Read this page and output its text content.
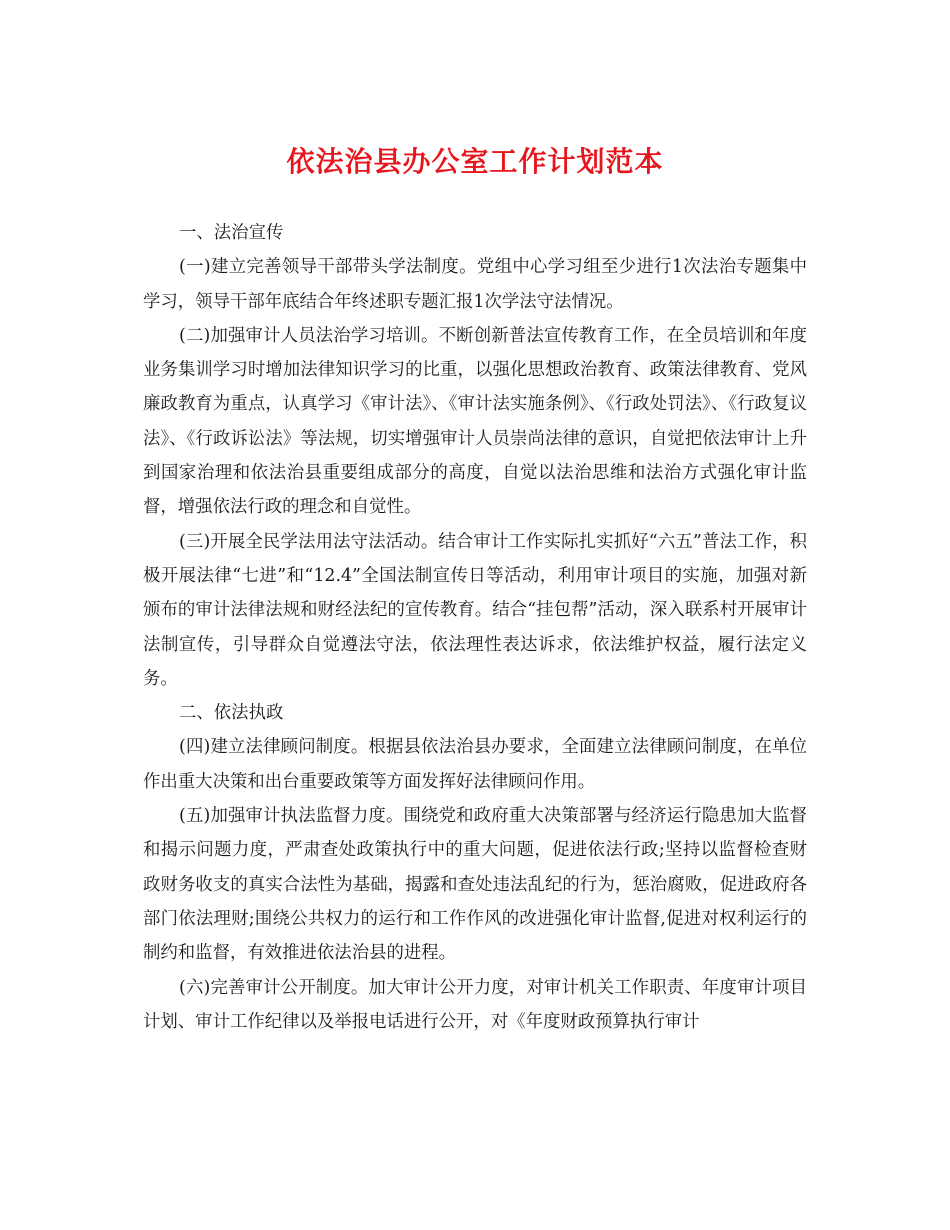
依法治县办公室工作计划范本

一、法治宣传

(一)建立完善领导干部带头学法制度。党组中心学习组至少进行1次法治专题集中学习，领导干部年底结合年终述职专题汇报1次学法守法情况。

(二)加强审计人员法治学习培训。不断创新普法宣传教育工作，在全员培训和年度业务集训学习时增加法律知识学习的比重，以强化思想政治教育、政策法律教育、党风廉政教育为重点，认真学习《审计法》、《审计法实施条例》、《行政处罚法》、《行政复议法》、《行政诉讼法》等法规，切实增强审计人员崇尚法律的意识，自觉把依法审计上升到国家治理和依法治县重要组成部分的高度，自觉以法治思维和法治方式强化审计监督，增强依法行政的理念和自觉性。

(三)开展全民学法用法守法活动。结合审计工作实际扎实抓好“六五”普法工作，积极开展法律“七进”和“12.4”全国法制宣传日等活动，利用审计项目的实施，加强对新颁布的审计法律法规和财经法纪的宣传教育。结合“挂包帮”活动，深入联系村开展审计法制宣传，引导群众自觉遵法守法，依法理性表达诉求，依法维护权益，履行法定义务。

二、依法执政

(四)建立法律顾问制度。根据县依法治县办要求，全面建立法律顾问制度，在单位作出重大决策和出台重要政策等方面发挥好法律顾问作用。

(五)加强审计执法监督力度。围绕党和政府重大决策部署与经济运行隐患加大监督和揭示问题力度，严肃查处政策执行中的重大问题，促进依法行政;坚持以监督检查财政财务收支的真实合法性为基础，揭露和查处违法乱纪的行为，惩治腐败，促进政府各部门依法理财;围绕公共权力的运行和工作作风的改进强化审计监督,促进对权利运行的制约和监督，有效推进依法治县的进程。

(六)完善审计公开制度。加大审计公开力度，对审计机关工作职责、年度审计项目计划、审计工作纪律以及举报电话进行公开，对《年度财政预算执行审计
